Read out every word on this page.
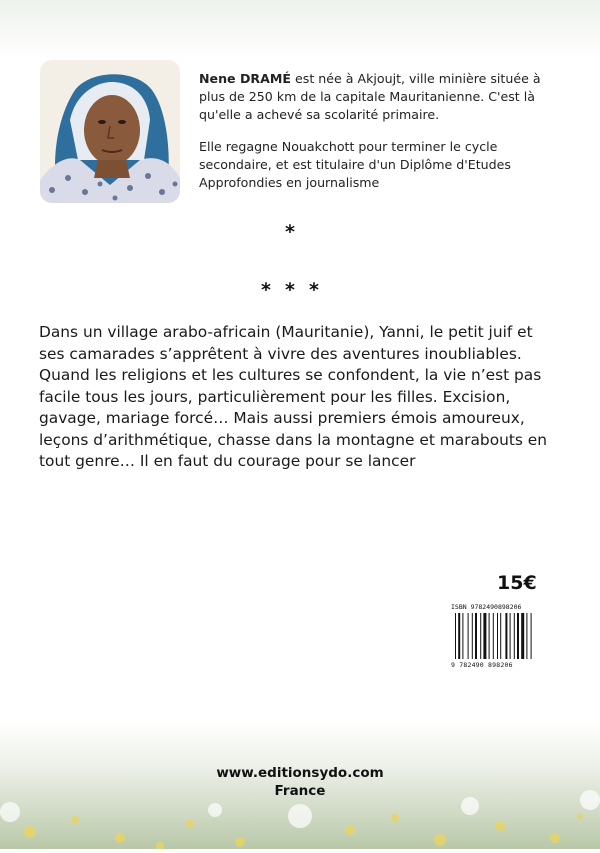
Nene DRAMÉ est née à Akjoujt, ville minière située à plus de 250 km de la capitale Mauritanienne. C'est là qu'elle a achevé sa scolarité primaire.

Elle regagne Nouakchott pour terminer le cycle secondaire, et est titulaire d'un Diplôme d'Etudes Approfondies en journalisme

*
* * *
Dans un village arabo-africain (Mauritanie), Yanni, le petit juif et ses camarades s’apprêtent à vivre des aventures inoubliables. Quand les religions et les cultures se confondent, la vie n’est pas facile tous les jours, particulièrement pour les filles. Excision, gavage, mariage forcé… Mais aussi premiers émois amoureux, leçons d’arithmétique, chasse dans la montagne et marabouts en tout genre… Il en faut du courage pour se lancer
15€
ISBN 9782490898206
9 782490 898206
www.editionsydo.com
France
